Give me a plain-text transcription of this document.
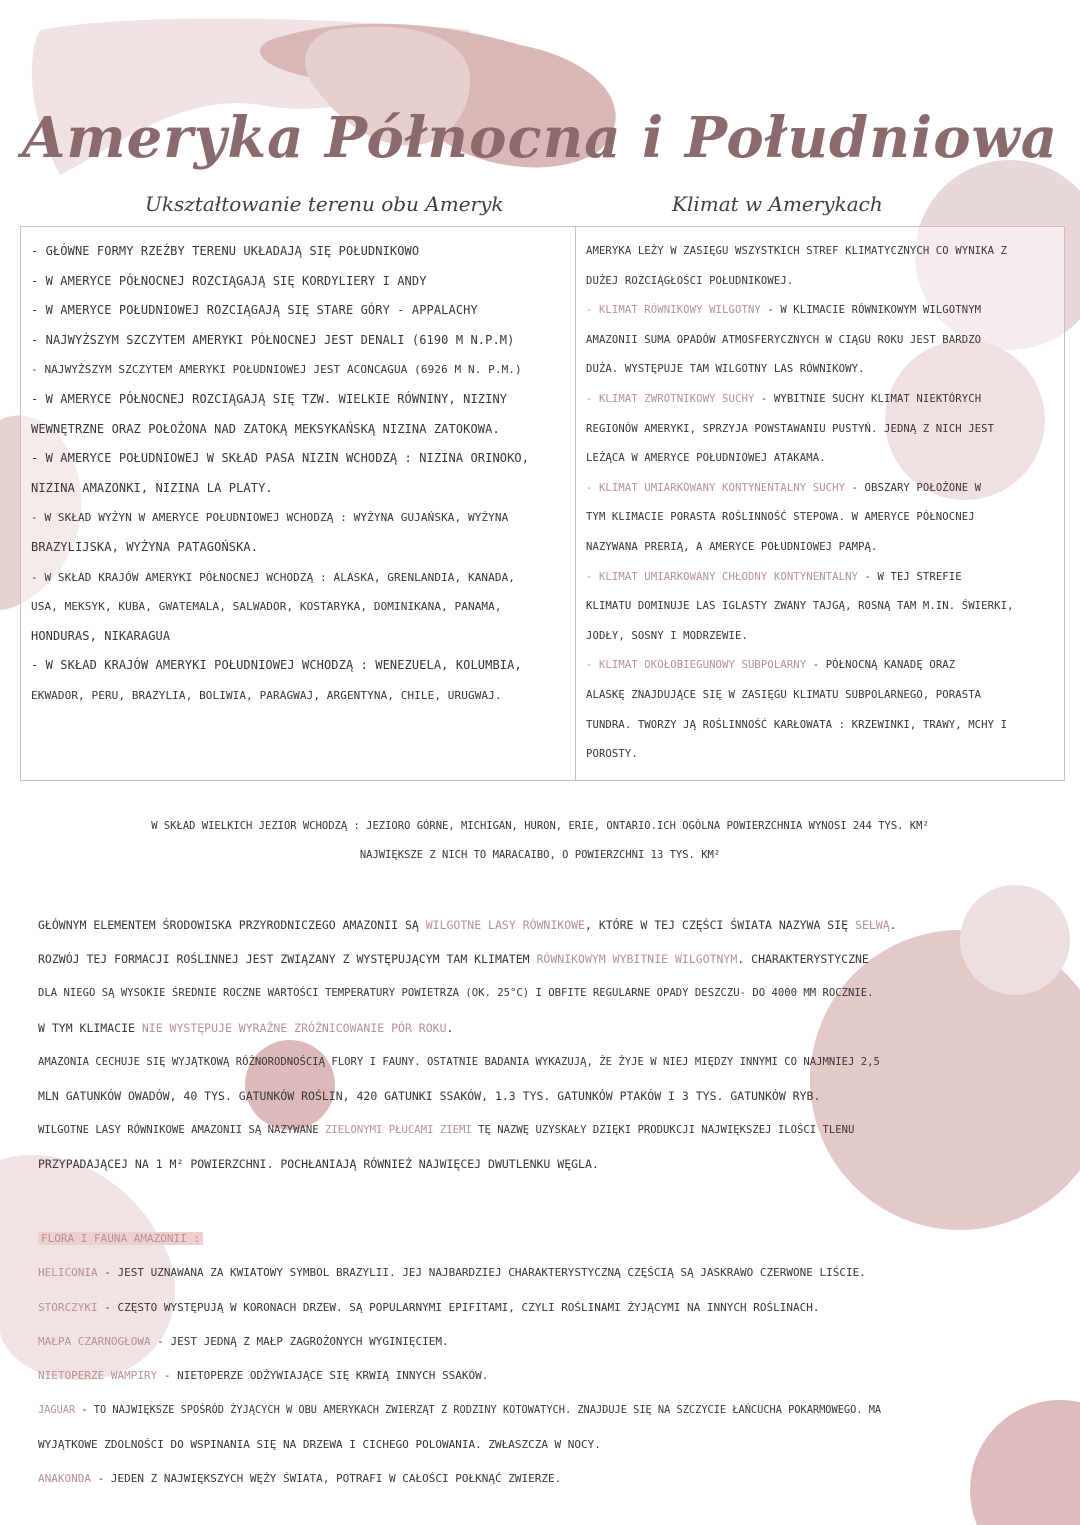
Ameryka Północna i Południowa
Ukształtowanie terenu obu Ameryk	Klimat w Amerykach
- GŁÓWNE FORMY RZEŹBY TERENU UKŁADAJĄ SIĘ POŁUDNIKOWO
- W AMERYCE PÓŁNOCNEJ ROZCIĄGAJĄ SIĘ KORDYLIERY I ANDY
- W AMERYCE POŁUDNIOWEJ ROZCIĄGAJĄ SIĘ STARE GÓRY - APPALACHY
- NAJWYŻSZYM SZCZYTEM AMERYKI PÓŁNOCNEJ JEST DENALI (6190 M N.P.M)
- NAJWYŻSZYM SZCZYTEM AMERYKI POŁUDNIOWEJ JEST ACONCAGUA (6926 M N. P.M.)
- W AMERYCE PÓŁNOCNEJ ROZCIĄGAJĄ SIĘ TZW. WIELKIE RÓWNINY, NIZINY
WEWNĘTRZNE ORAZ POŁOŻONA NAD ZATOKĄ MEKSYKAŃSKĄ NIZINA ZATOKOWA.
- W AMERYCE POŁUDNIOWEJ W SKŁAD PASA NIZIN WCHODZĄ : NIZINA ORINOKO,
NIZINA AMAZONKI, NIZINA LA PLATY.
- W SKŁAD WYŻYN W AMERYCE POŁUDNIOWEJ WCHODZĄ : WYŻYNA GUJAŃSKA, WYŻYNA
BRAZYLIJSKA, WYŻYNA PATAGOŃSKA.
- W SKŁAD KRAJÓW AMERYKI PÓŁNOCNEJ WCHODZĄ : ALASKA, GRENLANDIA, KANADA,
USA, MEKSYK, KUBA, GWATEMALA, SALWADOR, KOSTARYKA, DOMINIKANA, PANAMA,
HONDURAS, NIKARAGUA
- W SKŁAD KRAJÓW AMERYKI POŁUDNIOWEJ WCHODZĄ : WENEZUELA, KOLUMBIA,
EKWADOR, PERU, BRAZYLIA, BOLIWIA, PARAGWAJ, ARGENTYNA, CHILE, URUGWAJ.
AMERYKA LEŻY W ZASIĘGU WSZYSTKICH STREF KLIMATYCZNYCH CO WYNIKA Z
DUŻEJ ROZCIĄGŁOŚCI POŁUDNIKOWEJ.
- KLIMAT RÓWNIKOWY WILGOTNY - W KLIMACIE RÓWNIKOWYM WILGOTNYM
AMAZONII SUMA OPADÓW ATMOSFERYCZNYCH W CIĄGU ROKU JEST BARDZO
DUŻA. WYSTĘPUJE TAM WILGOTNY LAS RÓWNIKOWY.
- KLIMAT ZWROTNIKOWY SUCHY - WYBITNIE SUCHY KLIMAT NIEKTÓRYCH
REGIONÓW AMERYKI, SPRZYJA POWSTAWANIU PUSTYŃ. JEDNĄ Z NICH JEST
LEŻĄCA W AMERYCE POŁUDNIOWEJ ATAKAMA.
- KLIMAT UMIARKOWANY KONTYNENTALNY SUCHY - OBSZARY POŁOŻONE W
TYM KLIMACIE PORASTA ROŚLINNOŚĆ STEPOWA. W AMERYCE PÓŁNOCNEJ
NAZYWANA PRERIĄ, A AMERYCE POŁUDNIOWEJ PAMPĄ.
- KLIMAT UMIARKOWANY CHŁODNY KONTYNENTALNY - W TEJ STREFIE
KLIMATU DOMINUJE LAS IGLASTY ZWANY TAJGĄ, ROSNĄ TAM M.IN. ŚWIERKI,
JODŁY, SOSNY I MODRZEWIE.
- KLIMAT OKOŁOBIEGUNOWY SUBPOLARNY - PÓŁNOCNĄ KANADĘ ORAZ
ALASKĘ ZNAJDUJĄCE SIĘ W ZASIĘGU KLIMATU SUBPOLARNEGO, PORASTA
TUNDRA. TWORZY JĄ ROŚLINNOŚĆ KARŁOWATA : KRZEWINKI, TRAWY, MCHY I
POROSTY.
W SKŁAD WIELKICH JEZIOR WCHODZĄ : JEZIORO GÓRNE, MICHIGAN, HURON, ERIE, ONTARIO.ICH OGÓLNA POWIERZCHNIA WYNOSI 244 TYS. KM²
NAJWIĘKSZE Z NICH TO MARACAIBO, O POWIERZCHNI 13 TYS. KM²
GŁÓWNYM ELEMENTEM ŚRODOWISKA PRZYRODNICZEGO AMAZONII SĄ WILGOTNE LASY RÓWNIKOWE, KTÓRE W TEJ CZĘŚCI ŚWIATA NAZYWA SIĘ SELWĄ.
ROZWÓJ TEJ FORMACJI ROŚLINNEJ JEST ZWIĄZANY Z WYSTĘPUJĄCYM TAM KLIMATEM RÓWNIKOWYM WYBITNIE WILGOTNYM. CHARAKTERYSTYCZNE
DLA NIEGO SĄ WYSOKIE ŚREDNIE ROCZNE WARTOŚCI TEMPERATURY POWIETRZA (OK. 25°C) I OBFITE REGULARNE OPADY DESZCZU- DO 4000 MM ROCZNIE.
W TYM KLIMACIE NIE WYSTĘPUJE WYRAŹNE ZRÓŻNICOWANIE PÓR ROKU.
AMAZONIA CECHUJE SIĘ WYJĄTKOWĄ RÓŻNORODNOŚCIĄ FLORY I FAUNY. OSTATNIE BADANIA WYKAZUJĄ, ŻE ŻYJE W NIEJ MIĘDZY INNYMI CO NAJMNIEJ 2,5
MLN GATUNKÓW OWADÓW, 40 TYS. GATUNKÓW ROŚLIN, 420 GATUNKI SSAKÓW, 1.3 TYS. GATUNKÓW PTAKÓW I 3 TYS. GATUNKÓW RYB.
WILGOTNE LASY RÓWNIKOWE AMAZONII SĄ NAZYWANE ZIELONYMI PŁUCAMI ZIEMI TĘ NAZWĘ UZYSKAŁY DZIĘKI PRODUKCJI NAJWIĘKSZEJ ILOŚCI TLENU
PRZYPADAJĄCEJ NA 1 M² POWIERZCHNI. POCHŁANIAJĄ RÓWNIEŻ NAJWIĘCEJ DWUTLENKU WĘGLA.
FLORA I FAUNA AMAZONII :
HELICONIA - JEST UZNAWANA ZA KWIATOWY SYMBOL BRAZYLII. JEJ NAJBARDZIEJ CHARAKTERYSTYCZNĄ CZĘŚCIĄ SĄ JASKRAWO CZERWONE LIŚCIE.
STORCZYKI - CZĘSTO WYSTĘPUJĄ W KORONACH DRZEW. SĄ POPULARNYMI EPIFITAMI, CZYLI ROŚLINAMI ŻYJĄCYMI NA INNYCH ROŚLINACH.
MAŁPA CZARNOGŁOWA - JEST JEDNĄ Z MAŁP ZAGROŻONYCH WYGINIĘCIEM.
NIETOPERZE WAMPIRY - NIETOPERZE ODŻYWIAJĄCE SIĘ KRWIĄ INNYCH SSAKÓW.
JAGUAR - TO NAJWIĘKSZE SPOŚRÓD ŻYJĄCYCH W OBU AMERYKACH ZWIERZĄT Z RODZINY KOTOWATYCH. ZNAJDUJE SIĘ NA SZCZYCIE ŁAŃCUCHA POKARMOWEGO. MA
WYJĄTKOWE ZDOLNOŚCI DO WSPINANIA SIĘ NA DRZEWA I CICHEGO POLOWANIA. ZWŁASZCZA W NOCY.
ANAKONDA - JEDEN Z NAJWIĘKSZYCH WĘŻY ŚWIATA, POTRAFI W CAŁOŚCI POŁKNĄĆ ZWIERZE.
